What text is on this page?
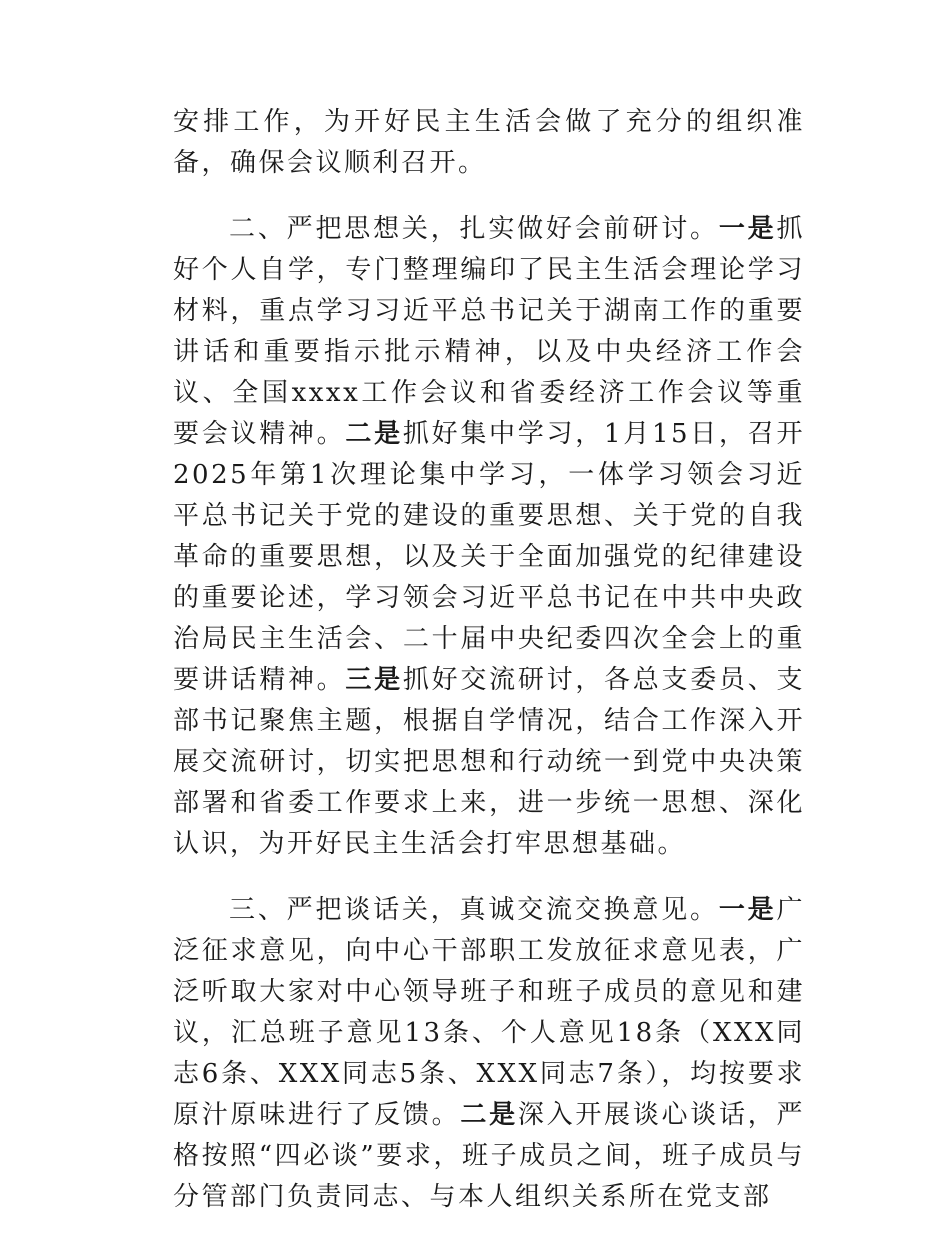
安排工作，为开好民主生活会做了充分的组织准备，确保会议顺利召开。

二、严把思想关，扎实做好会前研讨。一是抓好个人自学，专门整理编印了民主生活会理论学习材料，重点学习习近平总书记关于湖南工作的重要讲话和重要指示批示精神，以及中央经济工作会议、全国xxxx工作会议和省委经济工作会议等重要会议精神。二是抓好集中学习，1月15日，召开2025年第1次理论集中学习，一体学习领会习近平总书记关于党的建设的重要思想、关于党的自我革命的重要思想，以及关于全面加强党的纪律建设的重要论述，学习领会习近平总书记在中共中央政治局民主生活会、二十届中央纪委四次全会上的重要讲话精神。三是抓好交流研讨，各总支委员、支部书记聚焦主题，根据自学情况，结合工作深入开展交流研讨，切实把思想和行动统一到党中央决策部署和省委工作要求上来，进一步统一思想、深化认识，为开好民主生活会打牢思想基础。

三、严把谈话关，真诚交流交换意见。一是广泛征求意见，向中心干部职工发放征求意见表，广泛听取大家对中心领导班子和班子成员的意见和建议，汇总班子意见13条、个人意见18条（XXX同志6条、XXX同志5条、XXX同志7条），均按要求原汁原味进行了反馈。二是深入开展谈心谈话，严格按照“四必谈”要求，班子成员之间，班子成员与分管部门负责同志、与本人组织关系所在党支部
